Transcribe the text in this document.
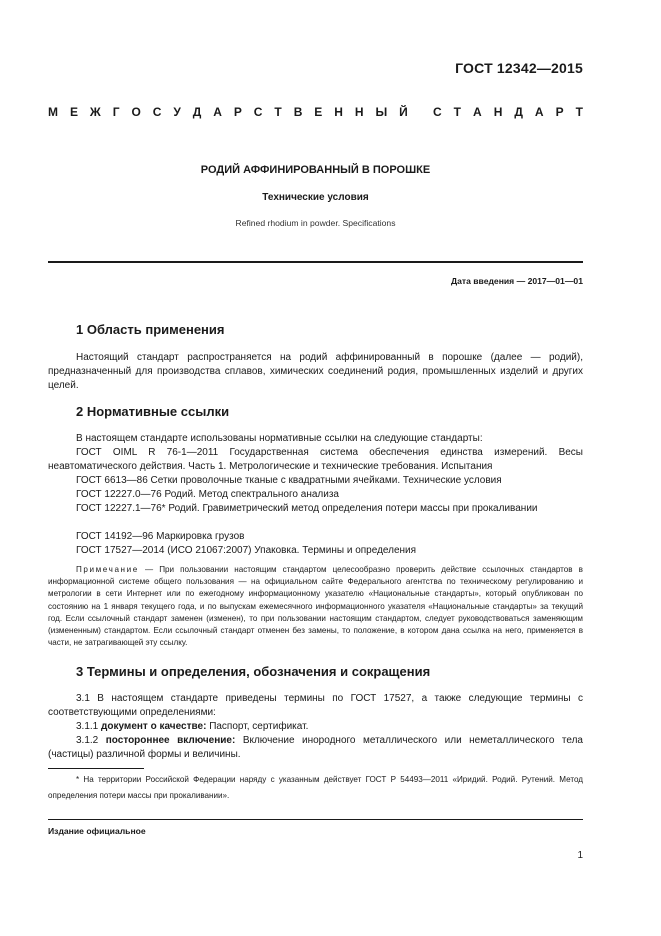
ГОСТ 12342—2015
М Е Ж Г О С У Д А Р С Т В Е Н Н Ы Й С Т А Н Д А Р Т
РОДИЙ АФФИНИРОВАННЫЙ В ПОРОШКЕ
Технические условия
Refined rhodium in powder. Specifications
Дата введения — 2017—01—01
1 Область применения

Настоящий стандарт распространяется на родий аффинированный в порошке (далее — родий), предназначенный для производства сплавов, химических соединений родия, промышленных изделий и других целей.

2 Нормативные ссылки

В настоящем стандарте использованы нормативные ссылки на следующие стандарты:

ГОСТ OIML R 76-1—2011 Государственная система обеспечения единства измерений. Весы неавтоматического действия. Часть 1. Метрологические и технические требования. Испытания

ГОСТ 6613—86 Сетки проволочные тканые с квадратными ячейками. Технические условия

ГОСТ 12227.0—76 Родий. Метод спектрального анализа

ГОСТ 12227.1—76* Родий. Гравиметрический метод определения потери массы при прокаливании

ГОСТ 14192—96 Маркировка грузов

ГОСТ 17527—2014 (ИСО 21067:2007) Упаковка. Термины и определения

Примечание — При пользовании настоящим стандартом целесообразно проверить действие ссылочных стандартов в информационной системе общего пользования — на официальном сайте Федерального агентства по техническому регулированию и метрологии в сети Интернет или по ежегодному информационному указателю «Национальные стандарты», который опубликован по состоянию на 1 января текущего года, и по выпускам ежемесячного информационного указателя «Национальные стандарты» за текущий год. Если ссылочный стандарт заменен (изменен), то при пользовании настоящим стандартом, следует руководствоваться заменяющим (измененным) стандартом. Если ссылочный стандарт отменен без замены, то положение, в котором дана ссылка на него, применяется в части, не затрагивающей эту ссылку.

3 Термины и определения, обозначения и сокращения

3.1 В настоящем стандарте приведены термины по ГОСТ 17527, а также следующие термины с соответствующими определениями:

3.1.1 документ о качестве: Паспорт, сертификат.

3.1.2 постороннее включение: Включение инородного металлического или неметаллического тела (частицы) различной формы и величины.

* На территории Российской Федерации наряду с указанным действует ГОСТ Р 54493—2011 «Иридий. Родий. Рутений. Метод определения потери массы при прокаливании».

Издание официальное
1
